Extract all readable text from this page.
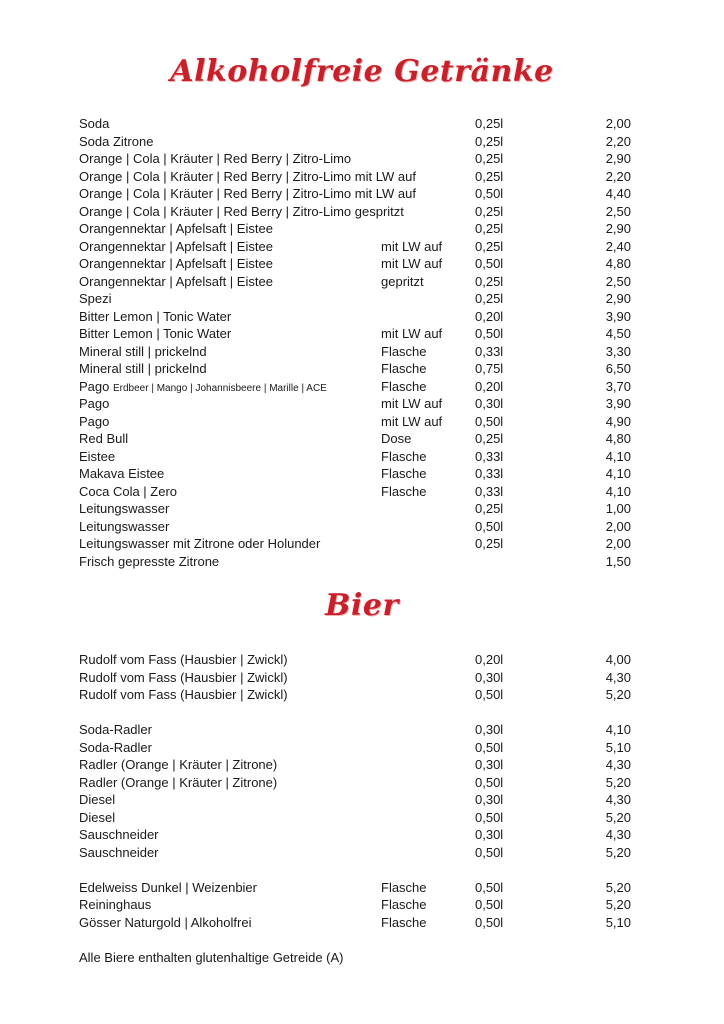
Alkoholfreie Getränke
Soda	0,25l	2,00
Soda Zitrone	0,25l	2,20
Orange | Cola | Kräuter | Red Berry | Zitro-Limo	0,25l	2,90
Orange | Cola | Kräuter | Red Berry | Zitro-Limo mit LW auf	0,25l	2,20
Orange | Cola | Kräuter | Red Berry | Zitro-Limo mit LW auf	0,50l	4,40
Orange | Cola | Kräuter | Red Berry | Zitro-Limo gespritzt	0,25l	2,50
Orangennektar | Apfelsaft | Eistee	0,25l	2,90
Orangennektar | Apfelsaft | Eistee	mit LW auf	0,25l	2,40
Orangennektar | Apfelsaft | Eistee	mit LW auf	0,50l	4,80
Orangennektar | Apfelsaft | Eistee	gepritzt	0,25l	2,50
Spezi	0,25l	2,90
Bitter Lemon | Tonic Water	0,20l	3,90
Bitter Lemon | Tonic Water	mit LW auf	0,50l	4,50
Mineral still | prickelnd	Flasche	0,33l	3,30
Mineral still | prickelnd	Flasche	0,75l	6,50
Pago Erdbeer | Mango | Johannisbeere | Marille | ACE	Flasche	0,20l	3,70
Pago	mit LW auf	0,30l	3,90
Pago	mit LW auf	0,50l	4,90
Red Bull	Dose	0,25l	4,80
Eistee	Flasche	0,33l	4,10
Makava Eistee	Flasche	0,33l	4,10
Coca Cola | Zero	Flasche	0,33l	4,10
Leitungswasser	0,25l	1,00
Leitungswasser	0,50l	2,00
Leitungswasser mit Zitrone oder Holunder	0,25l	2,00
Frisch gepresste Zitrone	1,50
Bier
Rudolf vom Fass (Hausbier | Zwickl)	0,20l	4,00
Rudolf vom Fass (Hausbier | Zwickl)	0,30l	4,30
Rudolf vom Fass (Hausbier | Zwickl)	0,50l	5,20
Soda-Radler	0,30l	4,10
Soda-Radler	0,50l	5,10
Radler (Orange | Kräuter | Zitrone)	0,30l	4,30
Radler (Orange | Kräuter | Zitrone)	0,50l	5,20
Diesel	0,30l	4,30
Diesel	0,50l	5,20
Sauschneider	0,30l	4,30
Sauschneider	0,50l	5,20
Edelweiss Dunkel | Weizenbier	Flasche	0,50l	5,20
Reininghaus	Flasche	0,50l	5,20
Gösser Naturgold | Alkoholfrei	Flasche	0,50l	5,10
Alle Biere enthalten glutenhaltige Getreide (A)
